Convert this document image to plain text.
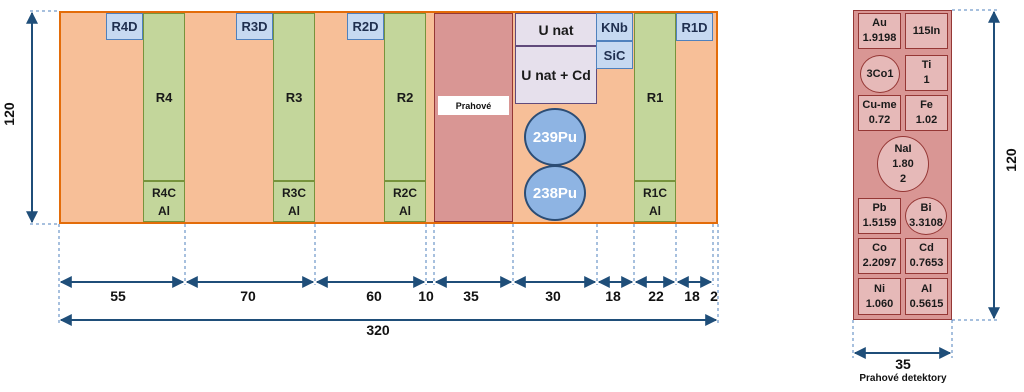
R4
R4C
Al
R4D
R3
R3C
Al
R3D
R2
R2C
Al
R2D
Prahové
U nat
U nat + Cd
239Pu
238Pu
KNb
SiC
R1
R1C
Al
R1D
120
55	70	60	10	35	30	18	22	18 2
320
Au
1.9198
115In
3Co1
Ti
1
Cu-me
0.72
Fe
1.02
NaI
1.80
2
Pb
1.5159
Bi
3.3108
Co
2.2097
Cd
0.7653
Ni
1.060
Al
0.5615
120
35
Prahové detektory
